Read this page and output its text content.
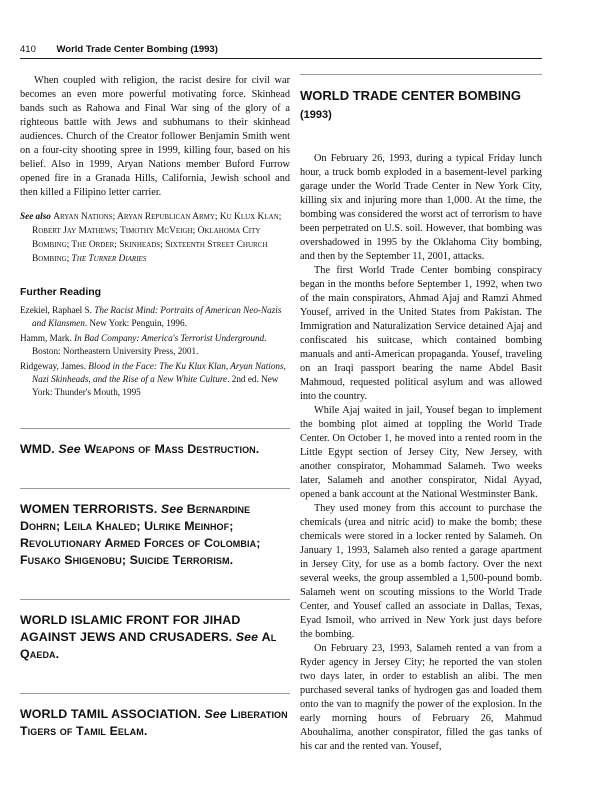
410 World Trade Center Bombing (1993)

When coupled with religion, the racist desire for civil war becomes an even more powerful motivating force. Skinhead bands such as Rahowa and Final War sing of the glory of a righteous battle with Jews and subhumans to their skinhead audiences. Church of the Creator follower Benjamin Smith went on a four-city shooting spree in 1999, killing four, based on his belief. Also in 1999, Aryan Nations member Buford Furrow opened fire in a Granada Hills, California, Jewish school and then killed a Filipino letter carrier.

See also Aryan Nations; Aryan Republican Army; Ku Klux Klan; Robert Jay Mathews; Timothy McVeigh; Oklahoma City Bombing; The Order; Skinheads; Sixteenth Street Church Bombing; The Turner Diaries

Further Reading

Ezekiel, Raphael S. The Racist Mind: Portraits of American Neo-Nazis and Klansmen. New York: Penguin, 1996.

Hamm, Mark. In Bad Company: America's Terrorist Underground. Boston: Northeastern University Press, 2001.

Ridgeway, James. Blood in the Face: The Ku Klux Klan, Aryan Nations, Nazi Skinheads, and the Rise of a New White Culture. 2nd ed. New York: Thunder's Mouth, 1995

WMD. See Weapons of Mass Destruction.

WOMEN TERRORISTS. See Bernardine Dohrn; Leila Khaled; Ulrike Meinhof; Revolutionary Armed Forces of Colombia; Fusako Shigenobu; Suicide Terrorism.

WORLD ISLAMIC FRONT FOR JIHAD AGAINST JEWS AND CRUSADERS. See Al Qaeda.

WORLD TAMIL ASSOCIATION. See Liberation Tigers of Tamil Eelam.

WORLD TRADE CENTER BOMBING (1993)

On February 26, 1993, during a typical Friday lunch hour, a truck bomb exploded in a basement-level parking garage under the World Trade Center in New York City, killing six and injuring more than 1,000. At the time, the bombing was considered the worst act of terrorism to have been perpetrated on U.S. soil. However, that bombing was overshadowed in 1995 by the Oklahoma City bombing, and then by the September 11, 2001, attacks.

The first World Trade Center bombing conspiracy began in the months before September 1, 1992, when two of the main conspirators, Ahmad Ajaj and Ramzi Ahmed Yousef, arrived in the United States from Pakistan. The Immigration and Naturalization Service detained Ajaj and confiscated his suitcase, which contained bombing manuals and anti-American propaganda. Yousef, traveling on an Iraqi passport bearing the name Abdel Basit Mahmoud, requested political asylum and was allowed into the country.

While Ajaj waited in jail, Yousef began to implement the bombing plot aimed at toppling the World Trade Center. On October 1, he moved into a rented room in the Little Egypt section of Jersey City, New Jersey, with another conspirator, Mohammad Salameh. Two weeks later, Salameh and another conspirator, Nidal Ayyad, opened a bank account at the National Westminster Bank.

They used money from this account to purchase the chemicals (urea and nitric acid) to make the bomb; these chemicals were stored in a locker rented by Salameh. On January 1, 1993, Salameh also rented a garage apartment in Jersey City, for use as a bomb factory. Over the next several weeks, the group assembled a 1,500-pound bomb. Salameh went on scouting missions to the World Trade Center, and Yousef called an associate in Dallas, Texas, Eyad Ismoil, who arrived in New York just days before the bombing.

On February 23, 1993, Salameh rented a van from a Ryder agency in Jersey City; he reported the van stolen two days later, in order to establish an alibi. The men purchased several tanks of hydrogen gas and loaded them onto the van to magnify the power of the explosion. In the early morning hours of February 26, Mahmud Abouhalima, another conspirator, filled the gas tanks of his car and the rented van. Yousef,
